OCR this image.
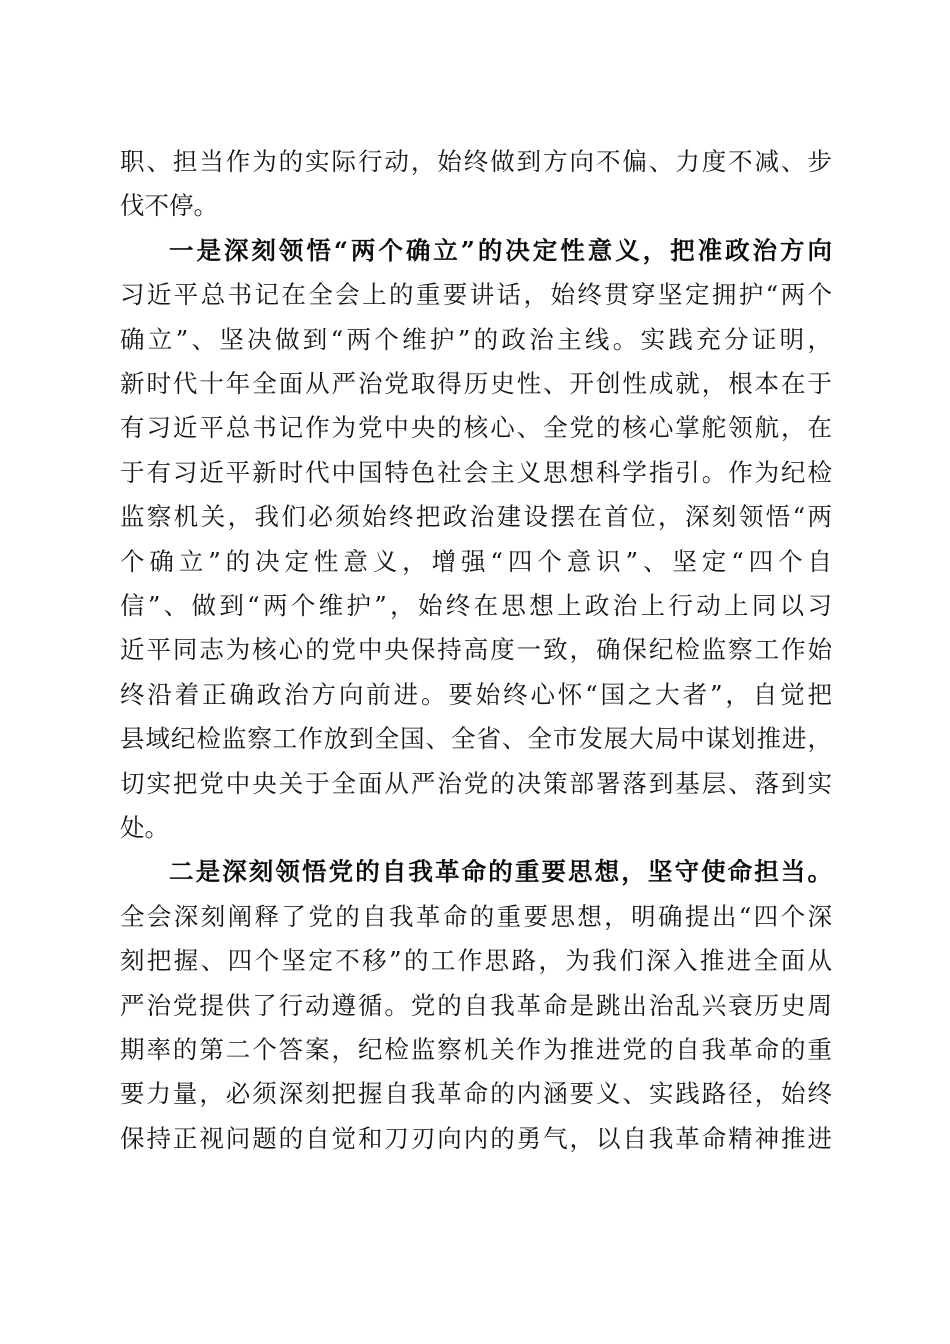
职、担当作为的实际行动，始终做到方向不偏、力度不减、步
伐不停。
一是深刻领悟“两个确立”的决定性意义，把准政治方向
习近平总书记在全会上的重要讲话，始终贯穿坚定拥护“两个
确立”、坚决做到“两个维护”的政治主线。实践充分证明，
新时代十年全面从严治党取得历史性、开创性成就，根本在于
有习近平总书记作为党中央的核心、全党的核心掌舵领航，在
于有习近平新时代中国特色社会主义思想科学指引。作为纪检
监察机关，我们必须始终把政治建设摆在首位，深刻领悟“两
个确立”的决定性意义，增强“四个意识”、坚定“四个自
信”、做到“两个维护”，始终在思想上政治上行动上同以习
近平同志为核心的党中央保持高度一致，确保纪检监察工作始
终沿着正确政治方向前进。要始终心怀“国之大者”，自觉把
县域纪检监察工作放到全国、全省、全市发展大局中谋划推进，
切实把党中央关于全面从严治党的决策部署落到基层、落到实
处。
二是深刻领悟党的自我革命的重要思想，坚守使命担当。
全会深刻阐释了党的自我革命的重要思想，明确提出“四个深
刻把握、四个坚定不移”的工作思路，为我们深入推进全面从
严治党提供了行动遵循。党的自我革命是跳出治乱兴衰历史周
期率的第二个答案，纪检监察机关作为推进党的自我革命的重
要力量，必须深刻把握自我革命的内涵要义、实践路径，始终
保持正视问题的自觉和刀刃向内的勇气，以自我革命精神推进
